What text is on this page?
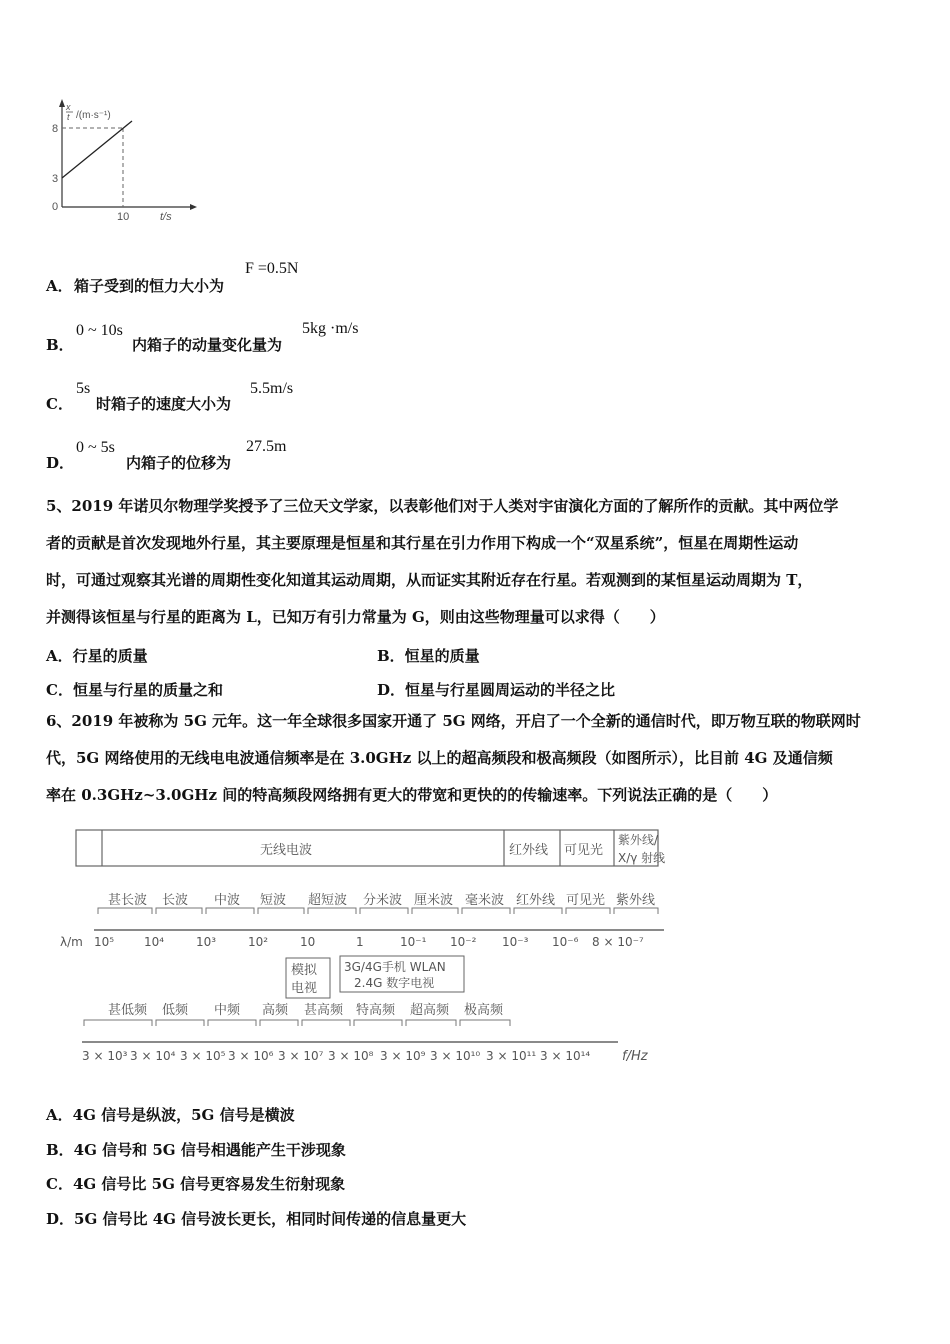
x
t /(m·s⁻¹)
8
3
0
10	t/s
A． 箱子受到的恒力大小为
F =0.5N
B．
0 ~ 10s
内箱子的动量变化量为
5kg ·m/s
C．
5s
时箱子的速度大小为
5.5m/s
D．
0 ~ 5s
内箱子的位移为
27.5m
5、2019 年诺贝尔物理学奖授予了三位天文学家，以表彰他们对于人类对宇宙演化方面的了解所作的贡献。其中两位学
者的贡献是首次发现地外行星，其主要原理是恒星和其行星在引力作用下构成一个“双星系统”，恒星在周期性运动
时，可通过观察其光谱的周期性变化知道其运动周期，从而证实其附近存在行星。若观测到的某恒星运动周期为 T，
并测得该恒星与行星的距离为 L，已知万有引力常量为 G，则由这些物理量可以求得（　　）
A．行星的质量	B．恒星的质量
C．恒星与行星的质量之和	D．恒星与行星圆周运动的半径之比
6、2019 年被称为 5G 元年。这一年全球很多国家开通了 5G 网络，开启了一个全新的通信时代，即万物互联的物联网时
代，5G 网络使用的无线电电波通信频率是在 3.0GHz 以上的超高频段和极高频段（如图所示），比目前 4G 及通信频
率在 0.3GHz~3.0GHz 间的特高频段网络拥有更大的带宽和更快的的传输速率。下列说法正确的是（　　）
无线电波	红外线 可见光
紫外线/
X/γ 射线
甚长波 长波 中波 短波 超短波 分米波 厘米波 毫米波 红外线 可见光 紫外线
λ/m 10⁵ 10⁴	10³	10²	10	1	10⁻¹ 10⁻² 10⁻³ 10⁻⁶ 8 × 10⁻⁷
模拟
电视
3G/4G手机 WLAN
2.4G 数字电视
甚低频 低频 中频 高频 甚高频 特高频 超高频 极高频
3 × 10³ 3 × 10⁴ 3 × 10⁵ 3 × 10⁶ 3 × 10⁷ 3 × 10⁸ 3 × 10⁹ 3 × 10¹⁰ 3 × 10¹¹ 3 × 10¹⁴ f/Hz
A．4G 信号是纵波，5G 信号是横波
B．4G 信号和 5G 信号相遇能产生干涉现象
C．4G 信号比 5G 信号更容易发生衍射现象
D．5G 信号比 4G 信号波长更长，相同时间传递的信息量更大
